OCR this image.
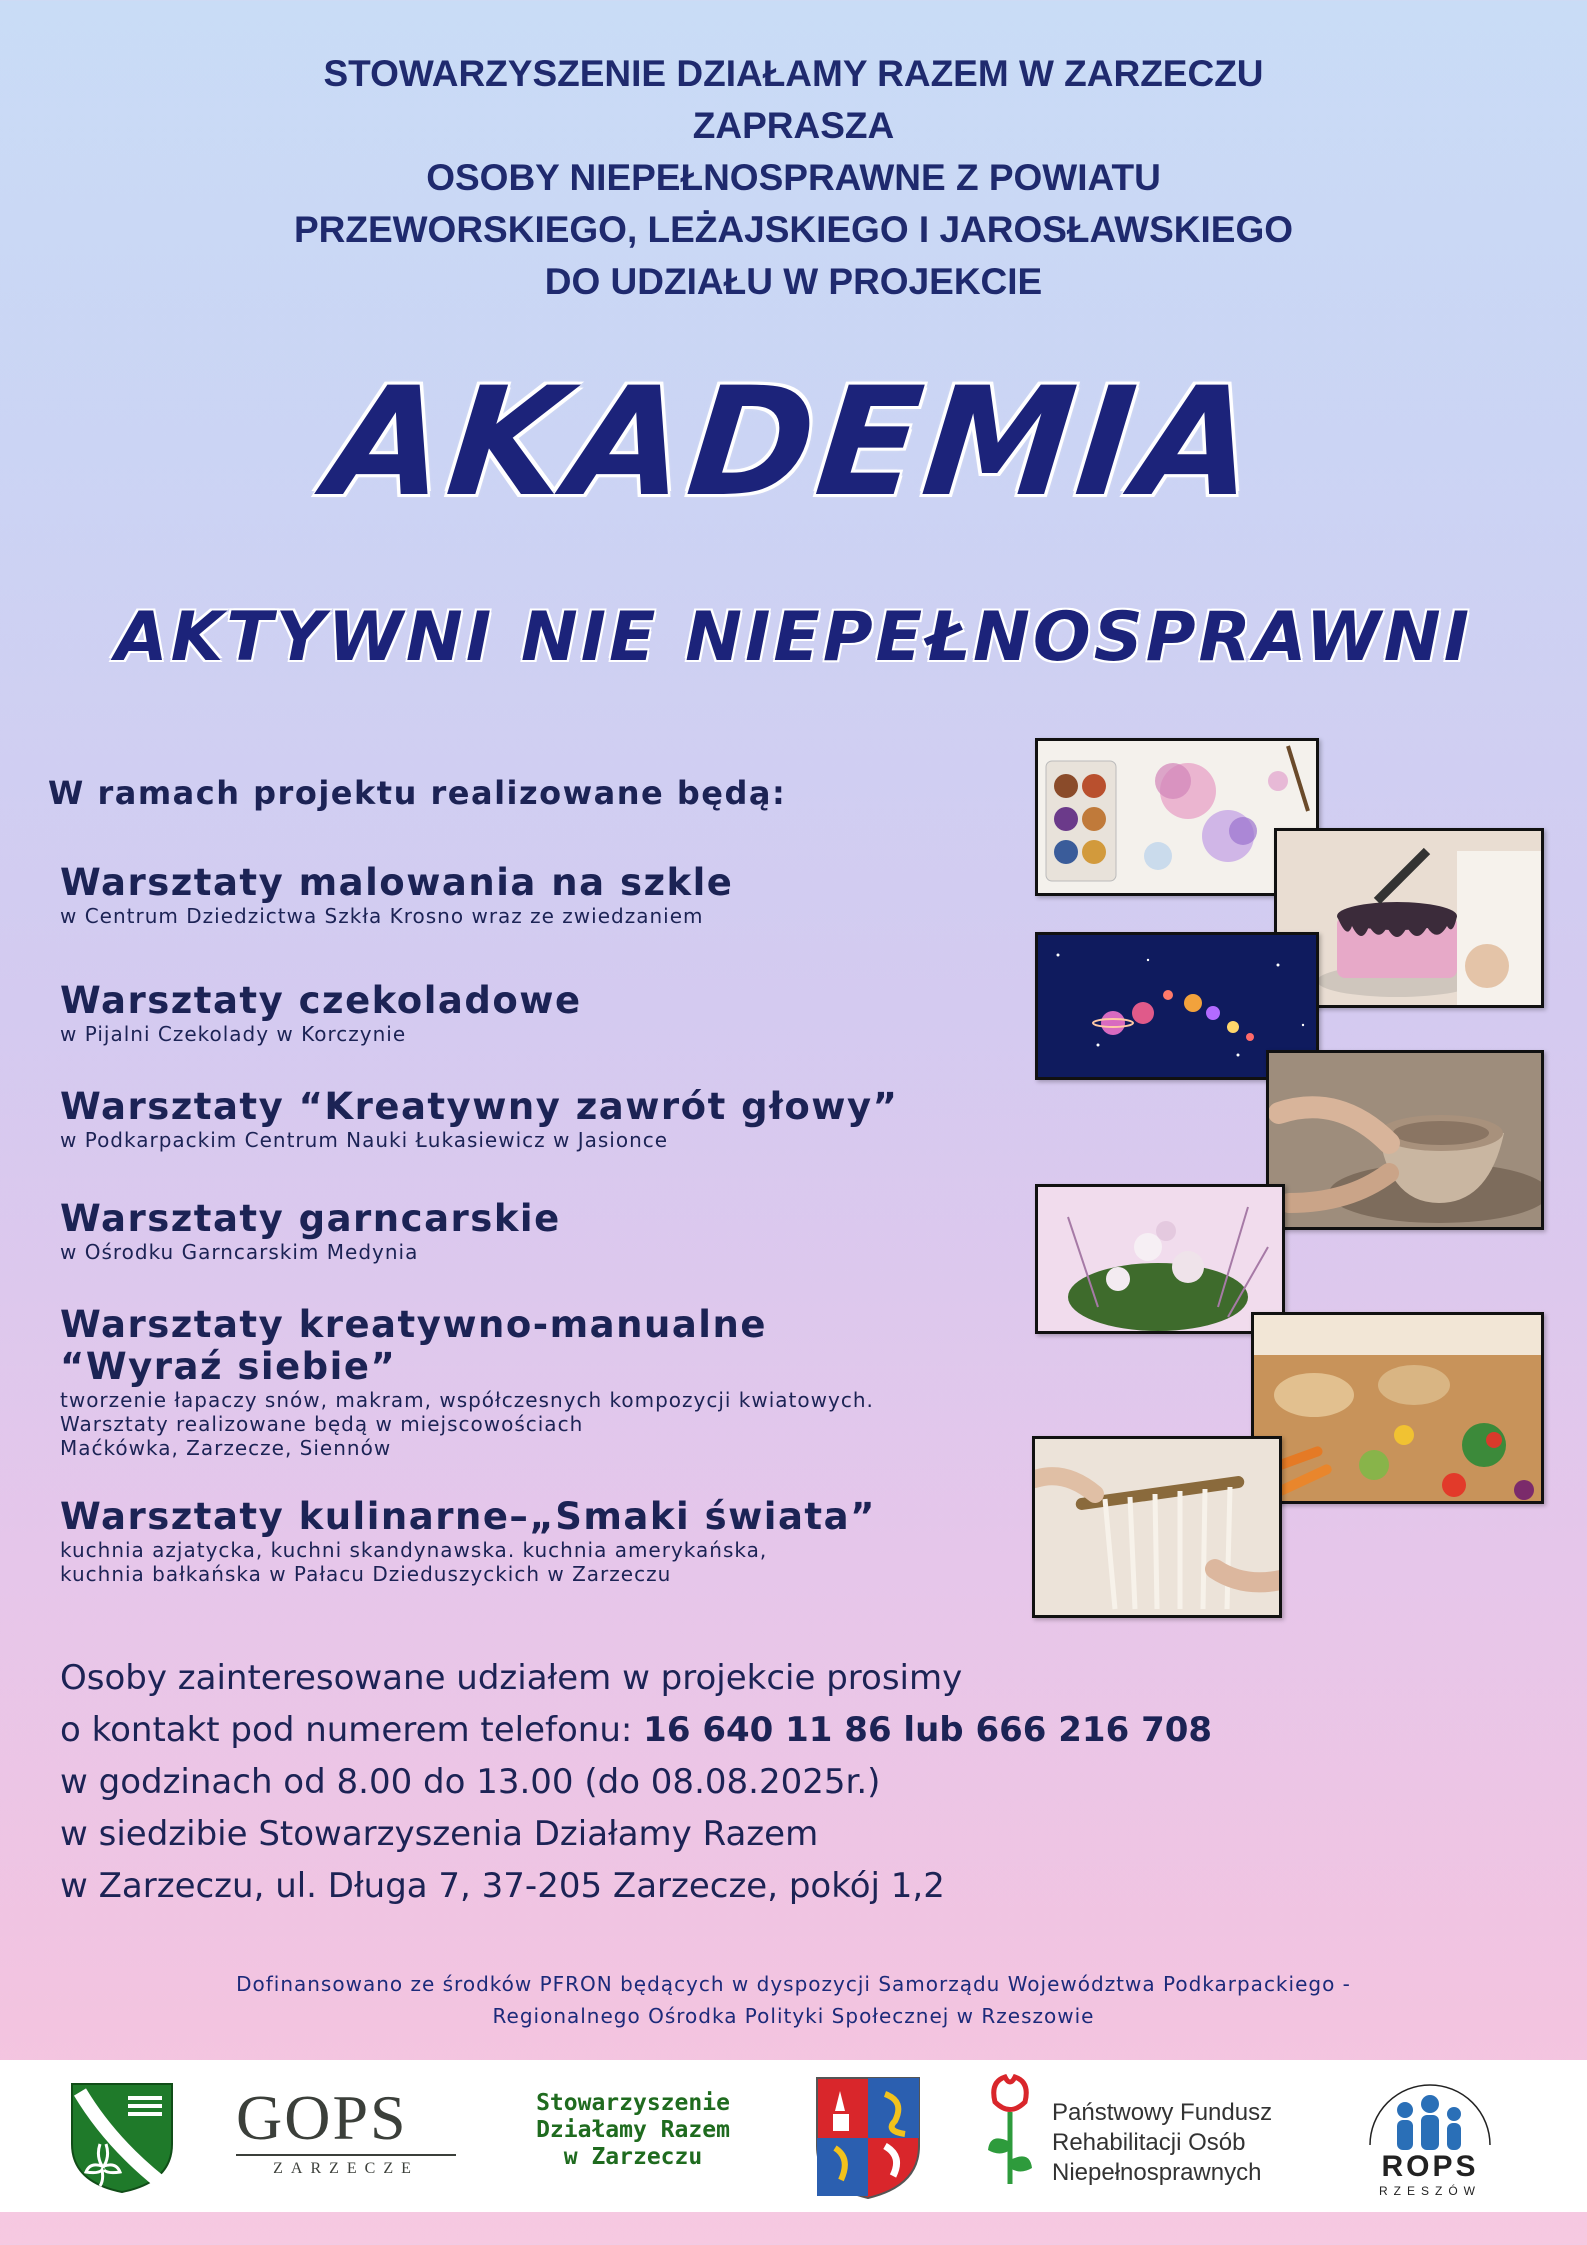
STOWARZYSZENIE DZIAŁAMY RAZEM W ZARZECZU
ZAPRASZA
OSOBY NIEPEŁNOSPRAWNE Z POWIATU
PRZEWORSKIEGO, LEŻAJSKIEGO I JAROSŁAWSKIEGO
DO UDZIAŁU W PROJEKCIE
AKADEMIA
AKTYWNI NIE NIEPEŁNOSPRAWNI
W ramach projektu realizowane będą:
Warsztaty malowania na szkle
w Centrum Dziedzictwa Szkła Krosno wraz ze zwiedzaniem
Warsztaty czekoladowe
w Pijalni Czekolady w Korczynie
Warsztaty “Kreatywny zawrót głowy”
w Podkarpackim Centrum Nauki Łukasiewicz w Jasionce
Warsztaty garncarskie
w Ośrodku Garncarskim Medynia
Warsztaty kreatywno-manualne
“Wyraź siebie”
tworzenie łapaczy snów, makram, współczesnych kompozycji kwiatowych.
Warsztaty realizowane będą w miejscowościach
Maćkówka, Zarzecze, Siennów
Warsztaty kulinarne–„Smaki świata”
kuchnia azjatycka, kuchni skandynawska. kuchnia amerykańska,
kuchnia bałkańska w Pałacu Dzieduszyckich w Zarzeczu
Osoby zainteresowane udziałem w projekcie prosimy
o kontakt pod numerem telefonu: 16 640 11 86 lub 666 216 708
w godzinach od 8.00 do 13.00 (do 08.08.2025r.)
w siedzibie Stowarzyszenia Działamy Razem
w Zarzeczu, ul. Długa 7, 37-205 Zarzecze, pokój 1,2
Dofinansowano ze środków PFRON będących w dyspozycji Samorządu Województwa Podkarpackiego -
Regionalnego Ośrodka Polityki Społecznej w Rzeszowie
GOPS
ZARZECZE
Stowarzyszenie
Działamy Razem
w Zarzeczu
Państwowy Fundusz
Rehabilitacji Osób
Niepełnosprawnych	ROPS
RZESZÓW
